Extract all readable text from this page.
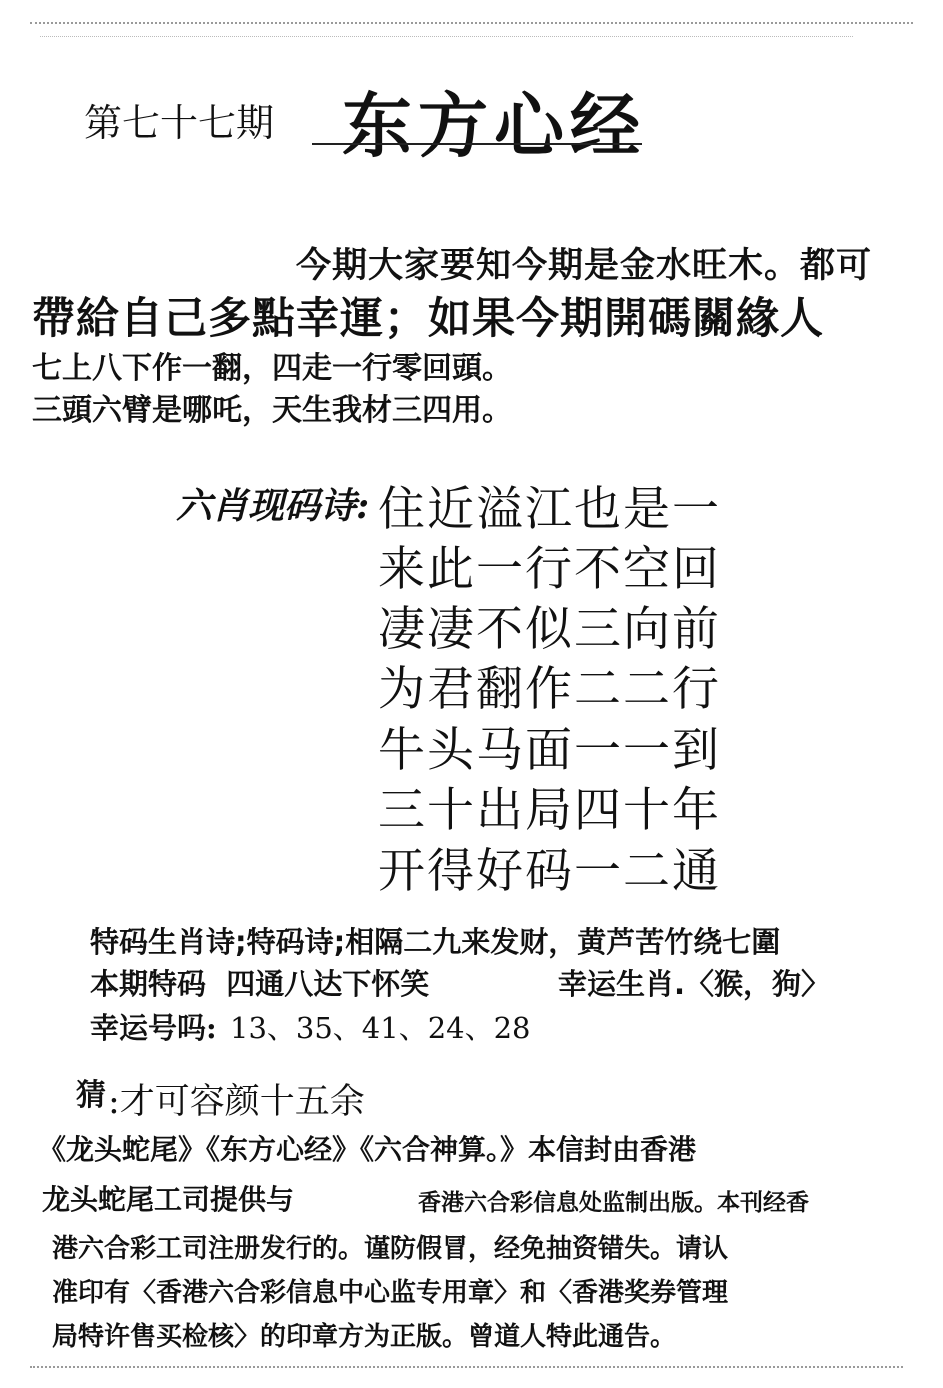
第七十七期 东方心经
今期大家要知今期是金水旺木。都可
帶給自己多點幸運；如果今期開碼關緣人
七上八下作一翻，四走一行零回頭。
三頭六臂是哪吒，天生我材三四用。
六肖现码诗: 住近溢江也是一
来此一行不空回
凄凄不似三向前
为君翻作二二行
牛头马面一一到
三十出局四十年
开得好码一二通
特码生肖诗;特码诗;相隔二九来发财，黄芦苦竹绕七圍
本期特码  四通八达下怀笑	幸运生肖.〈猴，狗〉
幸运号吗: 13、35、41、24、28
猜 :才可容颜十五余
《龙头蛇尾》《东方心经》《六合神算。》本信封由香港
龙头蛇尾工司提供与	香港六合彩信息处监制出版。本刊经香
港六合彩工司注册发行的。谨防假冒，经免抽资错失。请认
准印有〈香港六合彩信息中心监专用章〉和〈香港奖券管理
局特许售买检核〉的印章方为正版。曾道人特此通告。
